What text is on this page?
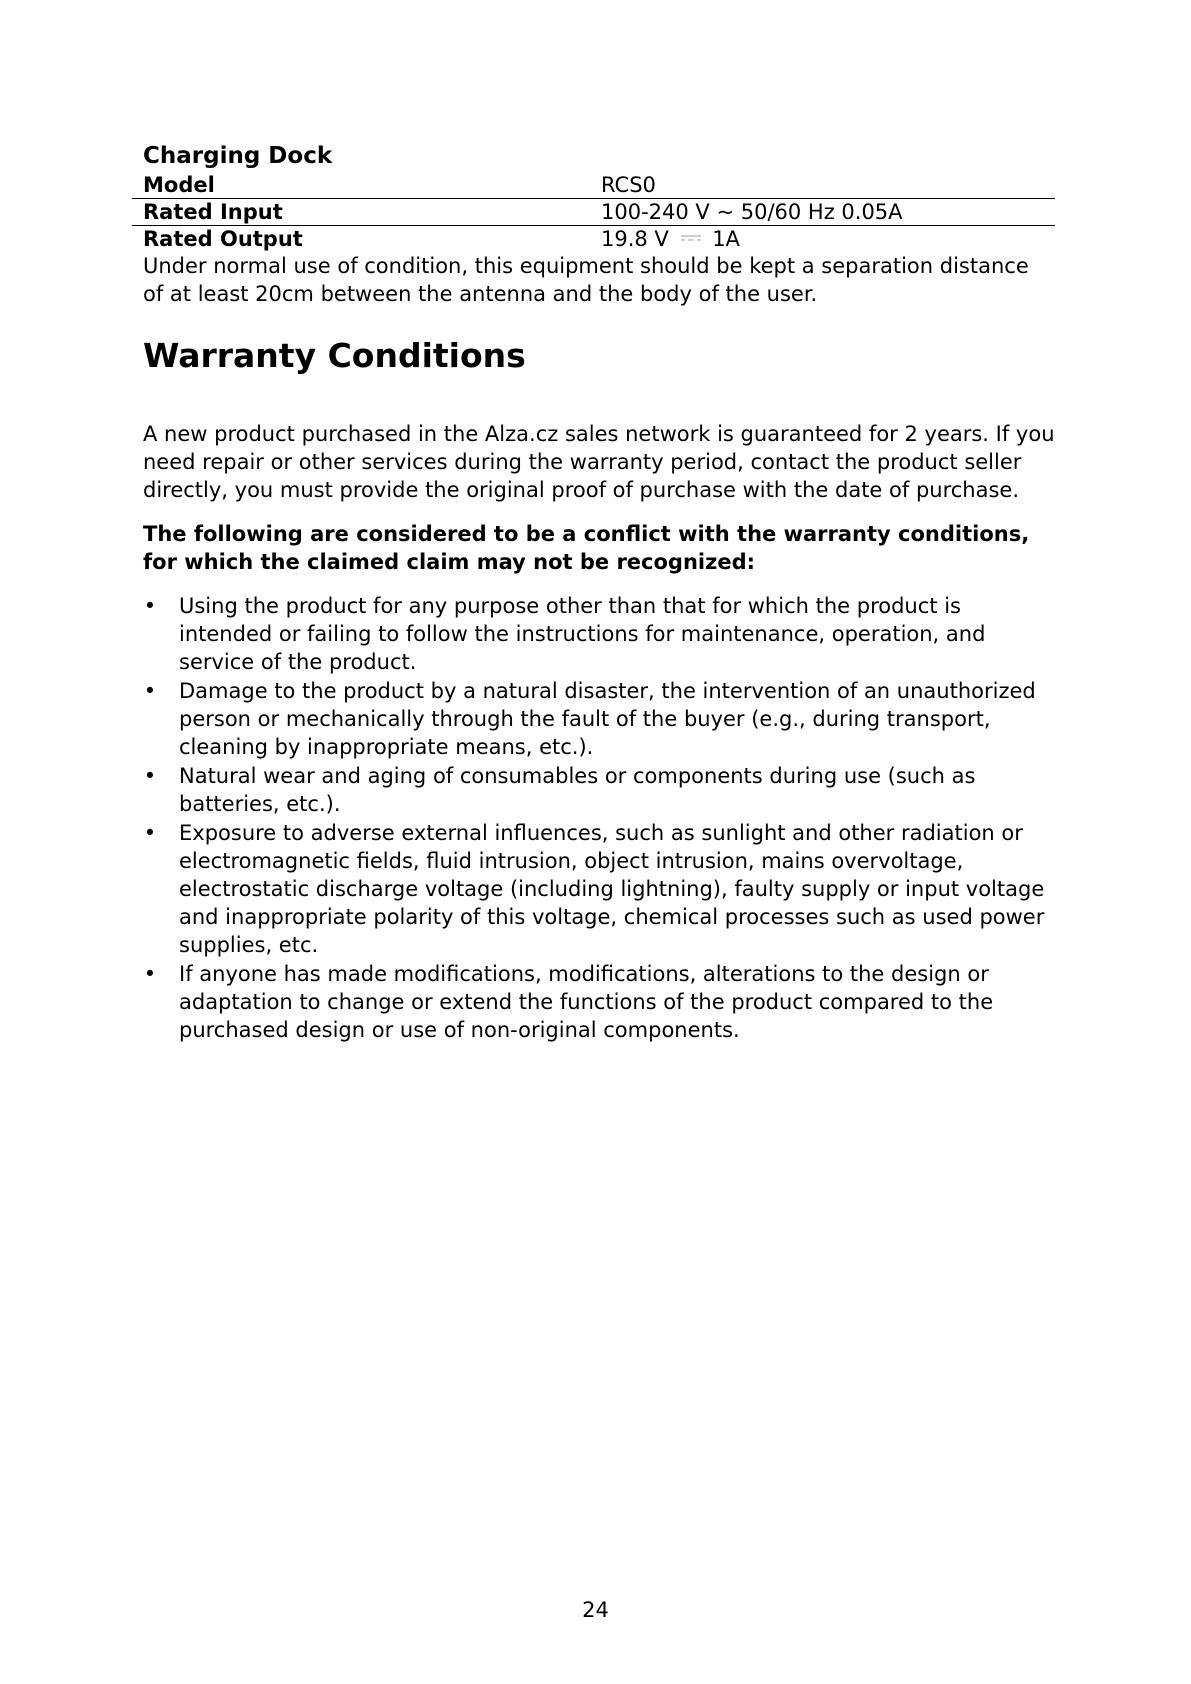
Charging Dock
Model	RCS0
Rated Input	100-240 V ~ 50/60 Hz 0.05A
Rated Output	19.8 V 1A

Under normal use of condition, this equipment should be kept a separation distance of at least 20cm between the antenna and the body of the user.

Warranty Conditions

A new product purchased in the Alza.cz sales network is guaranteed for 2 years. If you need repair or other services during the warranty period, contact the product seller directly, you must provide the original proof of purchase with the date of purchase.

The following are considered to be a conflict with the warranty conditions, for which the claimed claim may not be recognized:

• Using the product for any purpose other than that for which the product is intended or failing to follow the instructions for maintenance, operation, and service of the product.
• Damage to the product by a natural disaster, the intervention of an unauthorized person or mechanically through the fault of the buyer (e.g., during transport, cleaning by inappropriate means, etc.).
• Natural wear and aging of consumables or components during use (such as batteries, etc.).
• Exposure to adverse external influences, such as sunlight and other radiation or electromagnetic fields, fluid intrusion, object intrusion, mains overvoltage, electrostatic discharge voltage (including lightning), faulty supply or input voltage and inappropriate polarity of this voltage, chemical processes such as used power supplies, etc.
• If anyone has made modifications, modifications, alterations to the design or adaptation to change or extend the functions of the product compared to the purchased design or use of non-original components.
24
